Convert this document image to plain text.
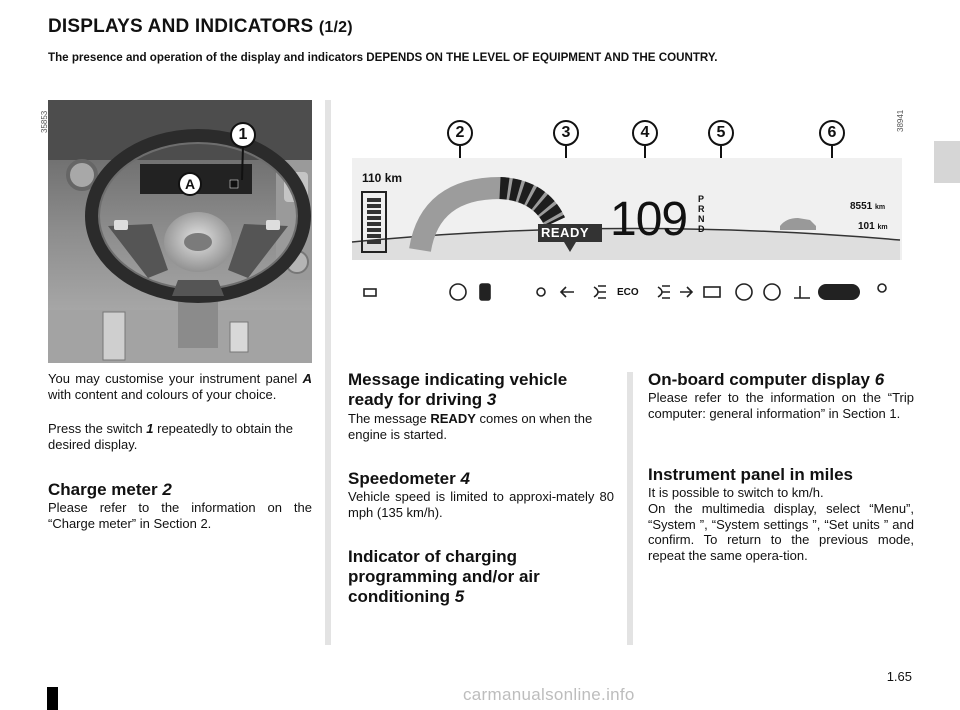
DISPLAYS AND INDICATORS (1/2)
The presence and operation of the display and indicators DEPENDS ON THE LEVEL OF EQUIPMENT AND THE COUNTRY.
35853
1
A
38941
2	3	4	5	6
110 km
READY 109 P
R
N
D
8551 km
101 km
ECO
You may customise your instrument panel A with content and colours of your choice.
Press the switch 1 repeatedly to obtain the desired display.
Charge meter 2
Please refer to the information on the “Charge meter” in Section 2.
Message indicating vehicle ready for driving 3
The message READY comes on when the engine is started.
Speedometer 4
Vehicle speed is limited to approxi-mately 80 mph (135 km/h).
Indicator of charging programming and/or air conditioning 5
On-board computer display 6
Please refer to the information on the “Trip computer: general information” in Section 1.
Instrument panel in miles
It is possible to switch to km/h.
On the multimedia display, select “Menu”, “System ”, “System settings ”, “Set units ” and confirm. To return to the previous mode, repeat the same opera-tion.
1.65
carmanualsonline.info
